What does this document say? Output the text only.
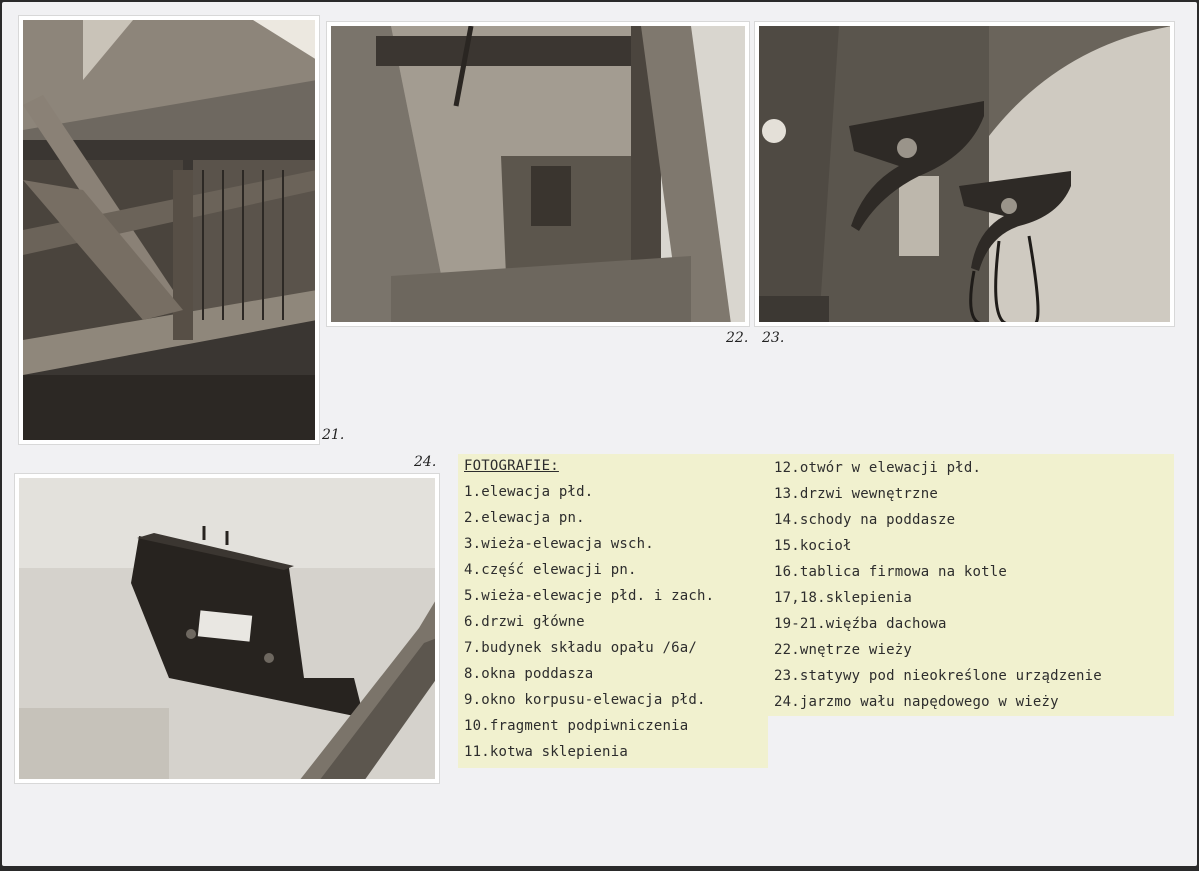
21.
22. 23.
24. FOTOGRAFIE:
1.elewacja płd.
2.elewacja pn.
3.wieża-elewacja wsch.
4.część elewacji pn.
5.wieża-elewacje płd. i zach.
6.drzwi główne
7.budynek składu opału /6a/
8.okna poddasza
9.okno korpusu-elewacja płd.
10.fragment podpiwniczenia
11.kotwa sklepienia
12.otwór w elewacji płd.
13.drzwi wewnętrzne
14.schody na poddasze
15.kocioł
16.tablica firmowa na kotle
17,18.sklepienia
19-21.więźba dachowa
22.wnętrze wieży
23.statywy pod nieokreślone urządzenie
24.jarzmo wału napędowego w wieży
